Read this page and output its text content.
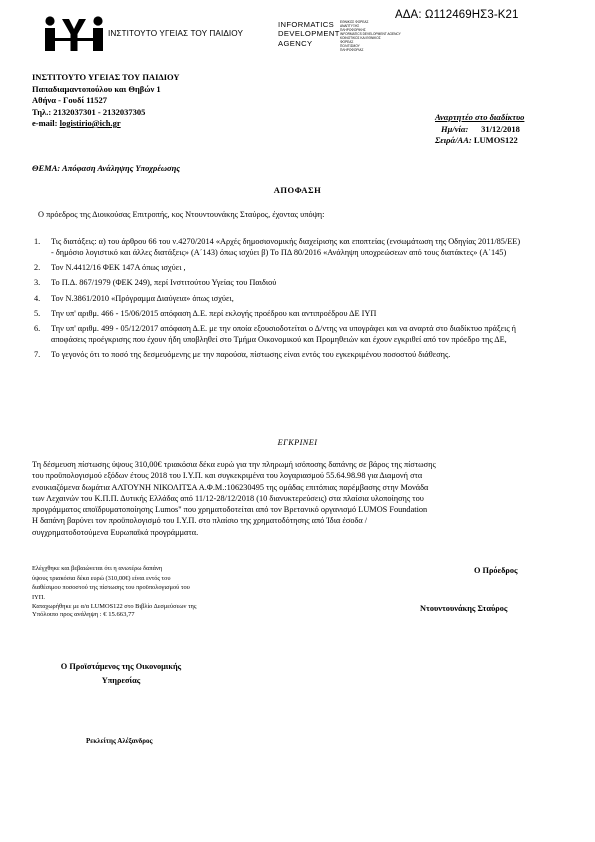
ΑΔΑ: Ω112469ΗΣ3-Κ21
ΙΝΣΤΙΤΟΥΤΟ ΥΓΕΙΑΣ ΤΟΥ ΠΑΙΔΙΟΥ
INFORMATICS
DEVELOPMENT
AGENCY
ΕΘΝΙΚΟΣ ΦΟΡΕΑΣ
ΑΝΑΠΤΥΞΗΣ
ΠΛΗΡΟΦΟΡΙΚΗΣ
INFORMATICS DEVELOPMENT AGENCY
ΚΟΙΝΟΤΙΚΟΣ ΚΑΙ ΕΘΝΙΚΟΣ
ΦΟΡΕΑΣ
ΠΟΛΙΤΙΣΜΟΥ
ΠΛΗΡΟΦΟΡΙΑΣ
ΙΝΣΤΙΤΟΥΤΟ ΥΓΕΙΑΣ ΤΟΥ ΠΑΙΔΙΟΥ
Παπαδιαμαντοπούλου και Θηβών 1
Αθήνα - Γουδί 11527
Τηλ.: 2132037301 - 2132037305
e-mail: logistirio@ich.gr
Αναρτητέο στο διαδίκτυο
Ημ/νία: 31/12/2018
Σειρά/ΑΑ: LUMOS122
ΘΕΜΑ: Απόφαση Ανάληψης Υποχρέωσης
ΑΠΟΦΑΣΗ
Ο πρόεδρος της Διοικούσας Επιτροπής, κος Ντουντουνάκης Σταύρος, έχοντας υπόψη:
1. Τις διατάξεις: α) του άρθρου 66 του ν.4270/2014 «Αρχές δημοσιονομικής διαχείρισης και εποπτείας (ενσωμάτωση της Οδηγίας 2011/85/ΕΕ) - δημόσιο λογιστικό και άλλες διατάξεις» (Α΄143) όπως ισχύει β) Το ΠΔ 80/2016 «Ανάληψη υποχρεώσεων από τους διατάκτες» (Α΄145)
2. Τον Ν.4412/16 ΦΕΚ 147Α όπως ισχύει ,
3. Το Π.Δ. 867/1979 (ΦΕΚ 249), περί Ινστιτούτου Υγείας του Παιδιού
4. Τον Ν.3861/2010 «Πρόγραμμα Διαύγεια» όπως ισχύει,
5. Την υπ' αριθμ. 466 - 15/06/2015 απόφαση Δ.Ε. περί εκλογής προέδρου και αντιπροέδρου ΔΕ ΙΥΠ
6. Την υπ' αριθμ. 499 - 05/12/2017 απόφαση Δ.Ε. με την οποία εξουσιοδοτείται ο Δ/ντης να υπογράφει και να αναρτά στο διαδίκτυο πράξεις ή αποφάσεις προέγκρισης που έχουν ήδη υποβληθεί στο Τμήμα Οικονομικού και Προμηθειών και έχουν εγκριθεί από τον πρόεδρο της ΔΕ,
7. Το γεγονός ότι το ποσό της δεσμευόμενης με την παρούσα, πίστωσης είναι εντός του εγκεκριμένου ποσοστού διάθεσης.
ΕΓΚΡΙΝΕΙ
Τη δέσμευση πίστωσης ύψους 310,00€ τριακόσια δέκα ευρώ για την πληρωμή ισόποσης δαπάνης σε βάρος της πίστωσης
του προϋπολογισμού εξόδων έτους 2018 του Ι.Υ.Π. και συγκεκριμένα του λογαριασμού 55.64.98.98 για Διαμονή στα
ενοικιαζόμενα δωμάτια ΑΛΤΟΥΝΗ ΝΙΚΟΛΙΤΣΑ Α.Φ.Μ.:106230495 της ομάδας επιτόπιας παρέμβασης στην Μονάδα
των Λεχαινών του Κ.Π.Π. Δυτικής Ελλάδας από 11/12-28/12/2018 (10 διανυκτερεύσεις) στα πλαίσια υλοποίησης του
προγράμματος αποϊδρυματοποίησης Lumos" που χρηματοδοτείται από τον Βρετανικό οργανισμό LUMOS Foundation
Η δαπάνη βαρύνει τον προϋπολογισμό του Ι.Υ.Π. στο πλαίσιο της χρηματοδότησης από Ίδια έσοδα /
συγχρηματοδοτούμενα Ευρωπαϊκά προγράμματα.
Ελέγχθηκε και βεβαιώνεται ότι η ανωτέρω δαπάνη
ύψους τριακόσια δέκα ευρώ (310,00€) είναι εντός του
διαθέσιμου ποσοστού της πίστωσης του προϋπολογισμού του
ΙΥΠ.
Καταχωρήθηκε με α/α LUMOS122 στο Βιβλίο Δεσμεύσεων της
Υπόλοιπο προς ανάληψη : € 15.663,77
Ο Πρόεδρος
Ντουντουνάκης Σταύρος
Ο Προϊστάμενος της Οικονομικής
Υπηρεσίας
Ρεκλείτης Αλέξανδρος
